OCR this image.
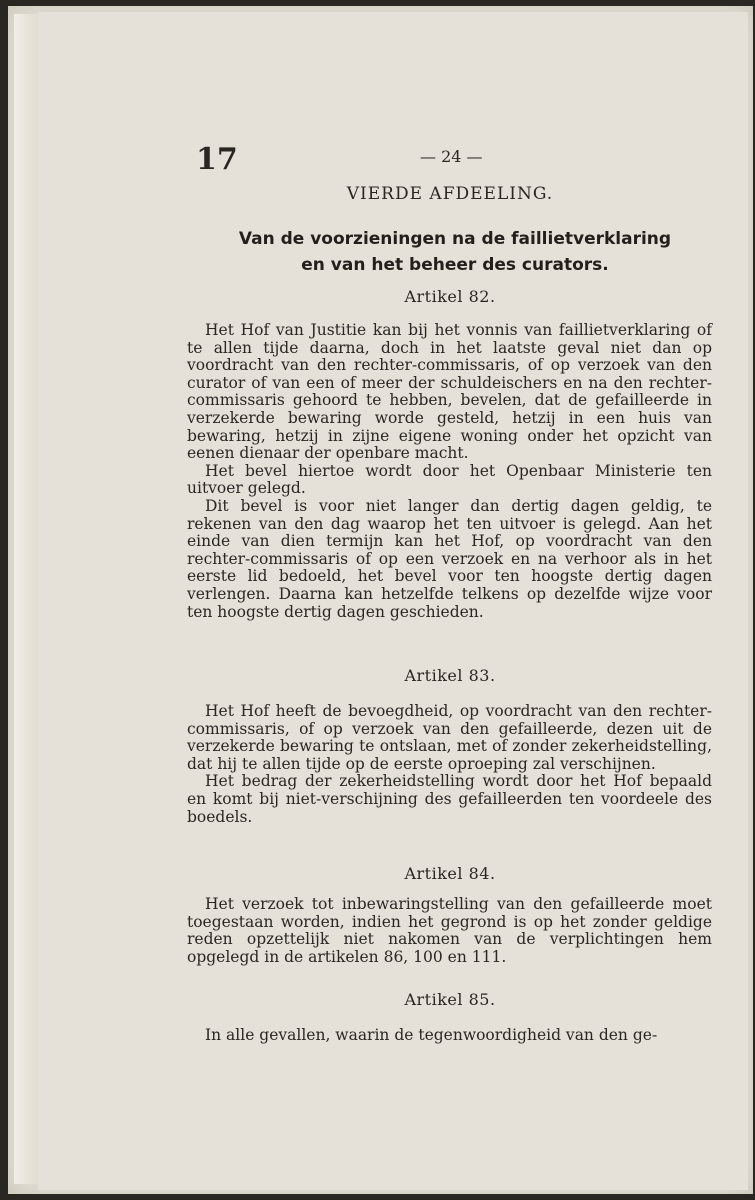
17	— 24 —
VIERDE AFDEELING.
Van de voorzieningen na de faillietverklaring
en van het beheer des curators.
Artikel 82.

Het Hof van Justitie kan bij het vonnis van faillietverklaring of te allen tijde daarna, doch in het laatste geval niet dan op voordracht van den rechter-commissaris, of op verzoek van den curator of van een of meer der schuldeischers en na den rechter-commissaris gehoord te hebben, bevelen, dat de gefailleerde in verzekerde bewaring worde gesteld, hetzij in een huis van bewaring, hetzij in zijne eigene woning onder het opzicht van eenen dienaar der openbare macht.

Het bevel hiertoe wordt door het Openbaar Ministerie ten uitvoer gelegd.

Dit bevel is voor niet langer dan dertig dagen geldig, te rekenen van den dag waarop het ten uitvoer is gelegd. Aan het einde van dien termijn kan het Hof, op voordracht van den rechter-commissaris of op een verzoek en na verhoor als in het eerste lid bedoeld, het bevel voor ten hoogste dertig dagen verlengen. Daarna kan hetzelfde telkens op dezelfde wijze voor ten hoogste dertig dagen geschieden.

Artikel 83.

Het Hof heeft de bevoegdheid, op voordracht van den rechter-commissaris, of op verzoek van den gefailleerde, dezen uit de verzekerde bewaring te ontslaan, met of zonder zekerheidstelling, dat hij te allen tijde op de eerste oproeping zal verschijnen.

Het bedrag der zekerheidstelling wordt door het Hof bepaald en komt bij niet-verschijning des gefailleerden ten voordeele des boedels.

Artikel 84.

Het verzoek tot inbewaringstelling van den gefailleerde moet toegestaan worden, indien het gegrond is op het zonder geldige reden opzettelijk niet nakomen van de verplichtingen hem opgelegd in de artikelen 86, 100 en 111.

Artikel 85.

In alle gevallen, waarin de tegenwoordigheid van den ge-
